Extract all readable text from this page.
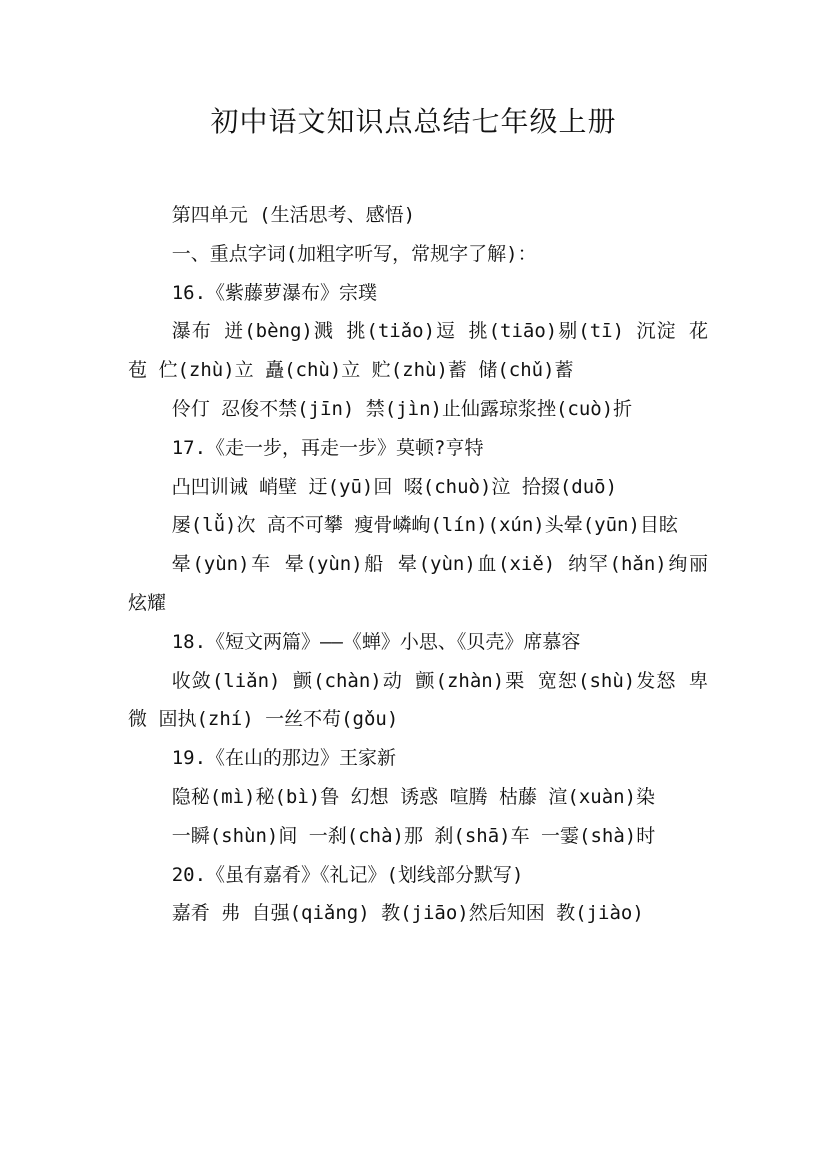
初中语文知识点总结七年级上册

第四单元 (生活思考、感悟)

一、重点字词(加粗字听写，常规字了解)：

16.《紫藤萝瀑布》宗璞

瀑布 迸(bèng)溅 挑(tiǎo)逗 挑(tiāo)剔(tī) 沉淀 花苞 伫(zhù)立 矗(chù)立 贮(zhù)蓄 储(chǔ)蓄

伶仃 忍俊不禁(jīn) 禁(jìn)止仙露琼浆挫(cuò)折

17.《走一步，再走一步》莫顿?亨特

凸凹训诫 峭壁 迂(yū)回 啜(chuò)泣 拾掇(duō)

屡(lǚ)次 高不可攀 瘦骨嶙峋(lín)(xún)头晕(yūn)目眩

晕(yùn)车 晕(yùn)船 晕(yùn)血(xiě) 纳罕(hǎn)绚丽 炫耀

18.《短文两篇》——《蝉》小思、《贝壳》席慕容

收敛(liǎn) 颤(chàn)动 颤(zhàn)栗 宽恕(shù)发怒 卑微 固执(zhí) 一丝不苟(gǒu)

19.《在山的那边》王家新

隐秘(mì)秘(bì)鲁 幻想 诱惑 喧腾 枯藤 渲(xuàn)染

一瞬(shùn)间 一刹(chà)那 刹(shā)车 一霎(shà)时

20.《虽有嘉肴》《礼记》(划线部分默写)

嘉肴 弗 自强(qiǎng) 教(jiāo)然后知困 教(jiào)
